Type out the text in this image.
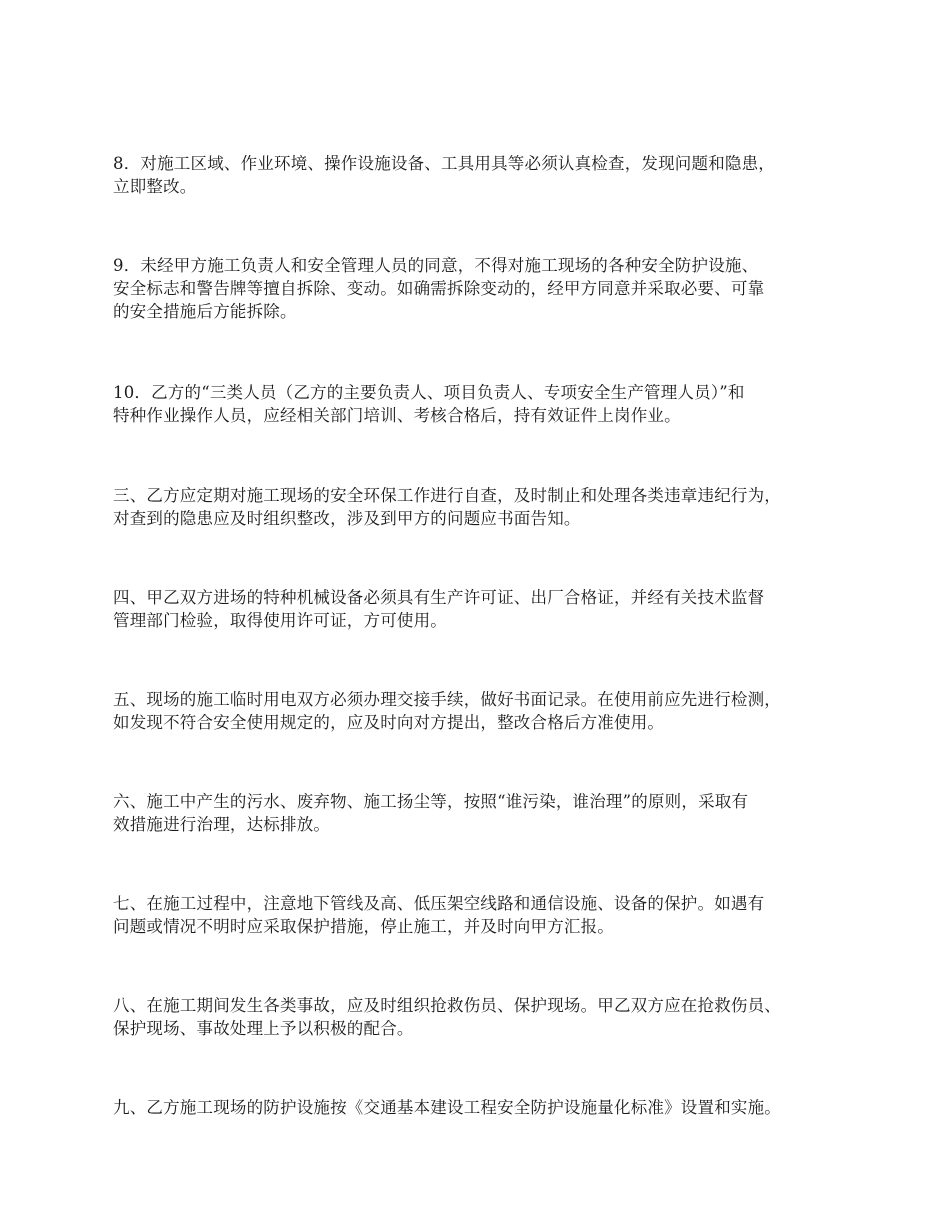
8．对施工区域、作业环境、操作设施设备、工具用具等必须认真检查，发现问题和隐患，
立即整改。

9．未经甲方施工负责人和安全管理人员的同意，不得对施工现场的各种安全防护设施、
安全标志和警告牌等擅自拆除、变动。如确需拆除变动的，经甲方同意并采取必要、可靠
的安全措施后方能拆除。

10．乙方的“三类人员（乙方的主要负责人、项目负责人、专项安全生产管理人员）”和
特种作业操作人员，应经相关部门培训、考核合格后，持有效证件上岗作业。

三、乙方应定期对施工现场的安全环保工作进行自查，及时制止和处理各类违章违纪行为，
对查到的隐患应及时组织整改，涉及到甲方的问题应书面告知。

四、甲乙双方进场的特种机械设备必须具有生产许可证、出厂合格证，并经有关技术监督
管理部门检验，取得使用许可证，方可使用。

五、现场的施工临时用电双方必须办理交接手续，做好书面记录。在使用前应先进行检测，
如发现不符合安全使用规定的，应及时向对方提出，整改合格后方准使用。

六、施工中产生的污水、废弃物、施工扬尘等，按照“谁污染，谁治理”的原则，采取有
效措施进行治理，达标排放。

七、在施工过程中，注意地下管线及高、低压架空线路和通信设施、设备的保护。如遇有
问题或情况不明时应采取保护措施，停止施工，并及时向甲方汇报。

八、在施工期间发生各类事故，应及时组织抢救伤员、保护现场。甲乙双方应在抢救伤员、
保护现场、事故处理上予以积极的配合。

九、乙方施工现场的防护设施按《交通基本建设工程安全防护设施量化标准》设置和实施。
